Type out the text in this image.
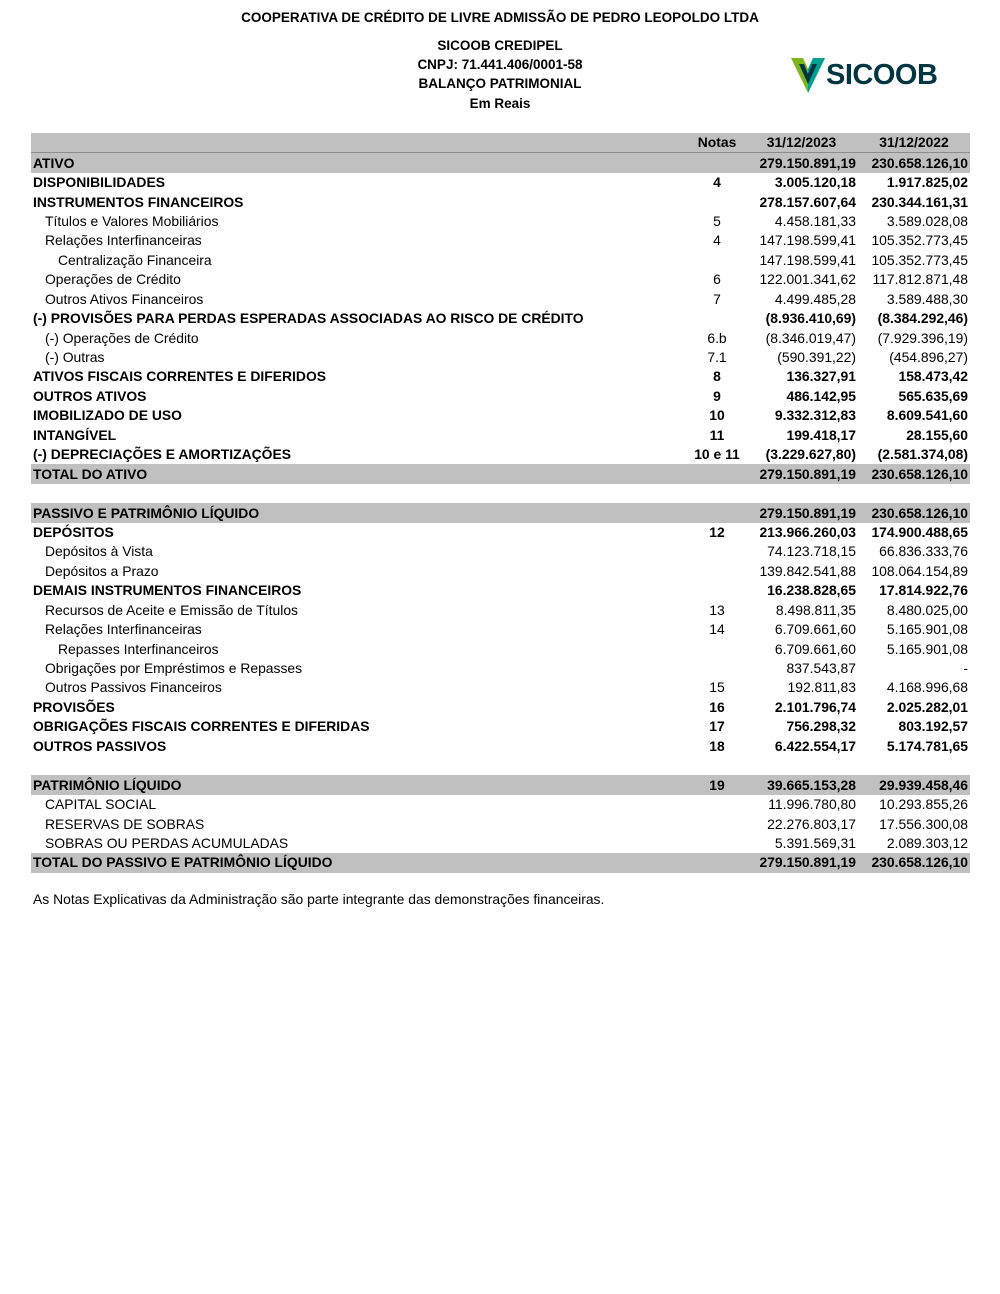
COOPERATIVA DE CRÉDITO DE LIVRE ADMISSÃO DE PEDRO LEOPOLDO LTDA
SICOOB CREDIPEL
CNPJ: 71.441.406/0001-58
BALANÇO PATRIMONIAL
Em Reais
SICOOB
	Notas	31/12/2023	31/12/2022
ATIVO		279.150.891,19	230.658.126,10
DISPONIBILIDADES	4	3.005.120,18	1.917.825,02
INSTRUMENTOS FINANCEIROS		278.157.607,64	230.344.161,31
Títulos e Valores Mobiliários	5	4.458.181,33	3.589.028,08
Relações Interfinanceiras	4	147.198.599,41	105.352.773,45
Centralização Financeira		147.198.599,41	105.352.773,45
Operações de Crédito	6	122.001.341,62	117.812.871,48
Outros Ativos Financeiros	7	4.499.485,28	3.589.488,30
(-) PROVISÕES PARA PERDAS ESPERADAS ASSOCIADAS AO RISCO DE CRÉDITO		(8.936.410,69)	(8.384.292,46)
(-) Operações de Crédito	6.b	(8.346.019,47)	(7.929.396,19)
(-) Outras	7.1	(590.391,22)	(454.896,27)
ATIVOS FISCAIS CORRENTES E DIFERIDOS	8	136.327,91	158.473,42
OUTROS ATIVOS	9	486.142,95	565.635,69
IMOBILIZADO DE USO	10	9.332.312,83	8.609.541,60
INTANGÍVEL	11	199.418,17	28.155,60
(-) DEPRECIAÇÕES E AMORTIZAÇÕES	10 e 11	(3.229.627,80)	(2.581.374,08)
TOTAL DO ATIVO		279.150.891,19	230.658.126,10

PASSIVO E PATRIMÔNIO LÍQUIDO		279.150.891,19	230.658.126,10
DEPÓSITOS	12	213.966.260,03	174.900.488,65
Depósitos à Vista		74.123.718,15	66.836.333,76
Depósitos a Prazo		139.842.541,88	108.064.154,89
DEMAIS INSTRUMENTOS FINANCEIROS		16.238.828,65	17.814.922,76
Recursos de Aceite e Emissão de Títulos	13	8.498.811,35	8.480.025,00
Relações Interfinanceiras	14	6.709.661,60	5.165.901,08
Repasses Interfinanceiros		6.709.661,60	5.165.901,08
Obrigações por Empréstimos e Repasses		837.543,87	-
Outros Passivos Financeiros	15	192.811,83	4.168.996,68
PROVISÕES	16	2.101.796,74	2.025.282,01
OBRIGAÇÕES FISCAIS CORRENTES E DIFERIDAS	17	756.298,32	803.192,57
OUTROS PASSIVOS	18	6.422.554,17	5.174.781,65

PATRIMÔNIO LÍQUIDO	19	39.665.153,28	29.939.458,46
CAPITAL SOCIAL		11.996.780,80	10.293.855,26
RESERVAS DE SOBRAS		22.276.803,17	17.556.300,08
SOBRAS OU PERDAS ACUMULADAS		5.391.569,31	2.089.303,12
TOTAL DO PASSIVO E PATRIMÔNIO LÍQUIDO		279.150.891,19	230.658.126,10
As Notas Explicativas da Administração são parte integrante das demonstrações financeiras.
